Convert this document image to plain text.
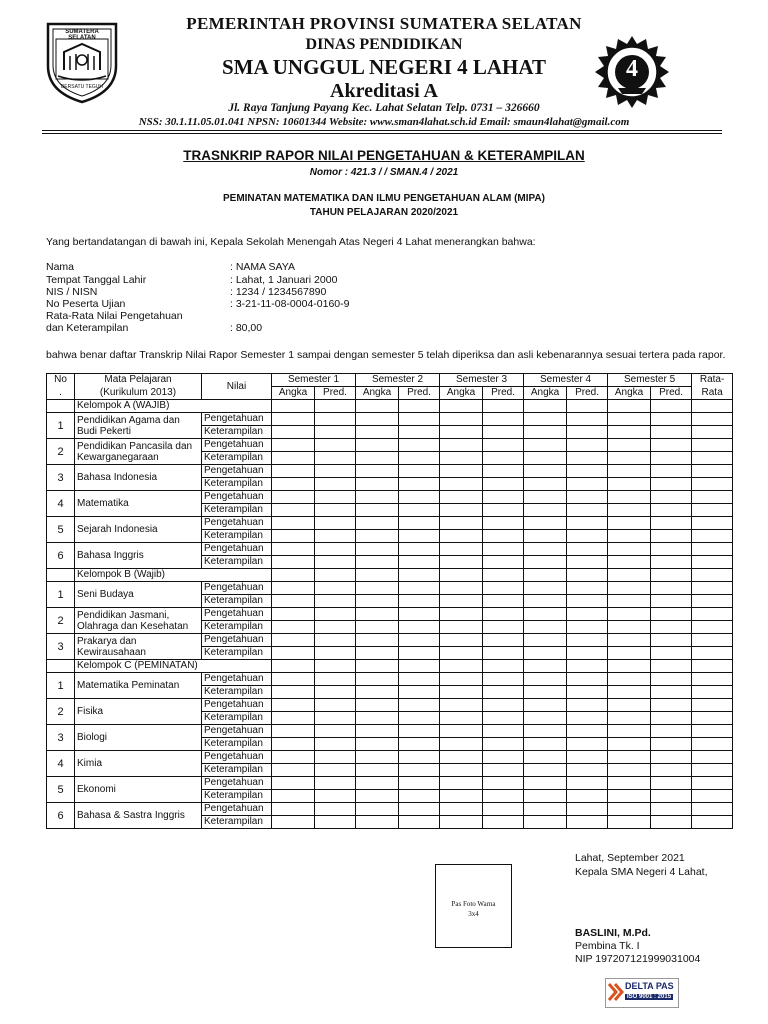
SUMATERA SELATAN
BERSATU TEGUH
4
PEMERINTAH PROVINSI SUMATERA SELATAN
DINAS PENDIDIKAN
SMA UNGGUL NEGERI 4 LAHAT
Akreditasi A
Jl. Raya Tanjung Payang Kec. Lahat Selatan Telp. 0731 – 326660
NSS: 30.1.11.05.01.041 NPSN: 10601344 Website: www.sman4lahat.sch.id Email: smaun4lahat@gmail.com
TRASNKRIP RAPOR NILAI PENGETAHUAN & KETERAMPILAN
Nomor : 421.3 / / SMAN.4 / 2021
PEMINATAN MATEMATIKA DAN ILMU PENGETAHUAN ALAM (MIPA)
TAHUN PELAJARAN 2020/2021
Yang bertandatangan di bawah ini, Kepala Sekolah Menengah Atas Negeri 4 Lahat menerangkan bahwa:
Nama	: NAMA SAYA
Tempat Tanggal Lahir	: Lahat, 1 Januari 2000
NIS / NISN	: 1234 / 1234567890
No Peserta Ujian	: 3-21-11-08-0004-0160-9
Rata-Rata Nilai Pengetahuan
dan Keterampilan	: 80,00
bahwa benar daftar Transkrip Nilai Rapor Semester 1 sampai dengan semester 5 telah diperiksa dan asli kebenarannya sesuai tertera pada rapor.
No	Mata Pelajaran	Nilai	Semester 1		Semester 2		Semester 3		Semester 4		Semester 5		Rata-
.	(Kurikulum 2013)		Angka	Pred.	Angka	Pred.	Angka	Pred.	Angka	Pred.	Angka	Pred.	Rata
	Kelompok A (WAJIB)												
1	Pendidikan Agama dan Budi Pekerti	Pengetahuan											
		Keterampilan											
2	Pendidikan Pancasila dan Kewarganegaraan	Pengetahuan											
		Keterampilan											
3	Bahasa Indonesia	Pengetahuan											
		Keterampilan											
4	Matematika	Pengetahuan											
		Keterampilan											
5	Sejarah Indonesia	Pengetahuan											
		Keterampilan											
6	Bahasa Inggris	Pengetahuan											
		Keterampilan											
	Kelompok B (Wajib)												
1	Seni Budaya	Pengetahuan											
		Keterampilan											
2	Pendidikan Jasmani, Olahraga dan Kesehatan	Pengetahuan											
		Keterampilan											
3	Prakarya dan Kewirausahaan	Pengetahuan											
		Keterampilan											
	Kelompok C (PEMINATAN)												
1	Matematika Peminatan	Pengetahuan											
		Keterampilan											
2	Fisika	Pengetahuan											
		Keterampilan											
3	Biologi	Pengetahuan											
		Keterampilan											
4	Kimia	Pengetahuan											
		Keterampilan											
5	Ekonomi	Pengetahuan											
		Keterampilan											
6	Bahasa & Sastra Inggris	Pengetahuan											
		Keterampilan											
Lahat, September 2021
Kepala SMA Negeri 4 Lahat,
Pas Foto Warna
3x4
BASLINI, M.Pd.
Pembina Tk. I
NIP 197207121999031004
DELTA PAS
ISO 9001 : 2015
